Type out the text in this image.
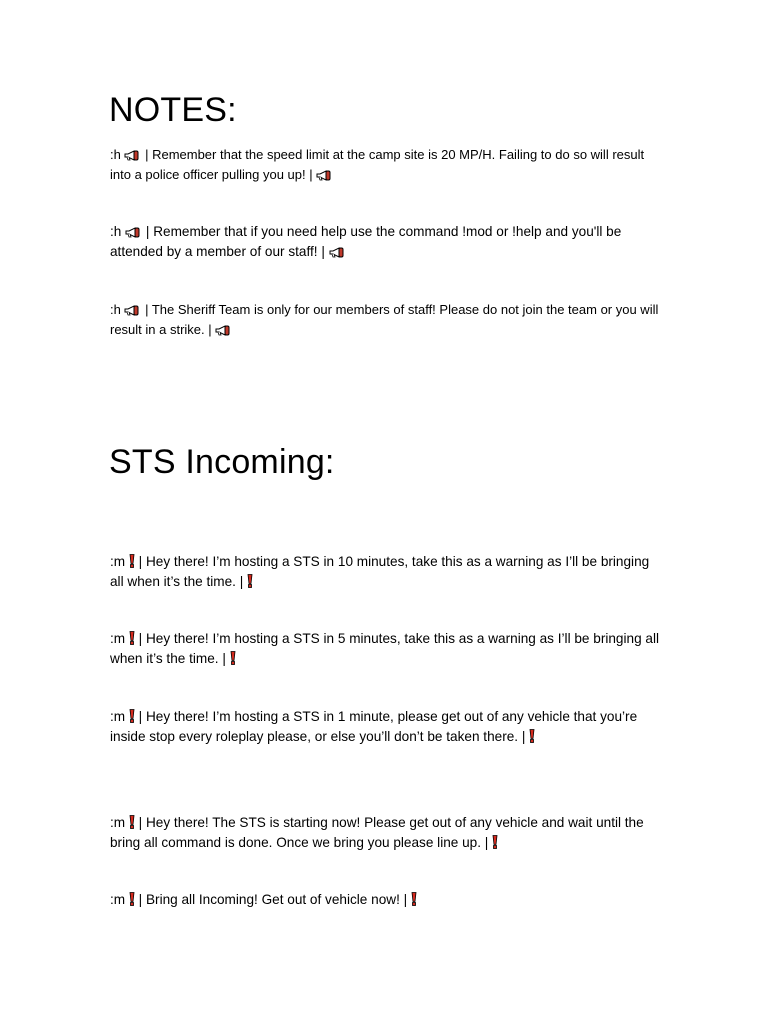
NOTES:

:h
| Remember that the speed limit at the camp site is 20 MP/H. Failing to do so will result into a police officer pulling you up! |

:h
| Remember that if you need help use the command !mod or !help and you'll be attended by a member of our staff! |

:h
| The Sheriff Team is only for our members of staff! Please do not join the team or you will result in a strike. |

STS Incoming:

:m
| Hey there! I’m hosting a STS in 10 minutes, take this as a warning as I’ll be bringing all when it’s the time. |

:m
| Hey there! I’m hosting a STS in 5 minutes, take this as a warning as I’ll be bringing all when it’s the time. |

:m
| Hey there! I’m hosting a STS in 1 minute, please get out of any vehicle that you’re inside stop every roleplay please, or else you’ll don’t be taken there. |

:m
| Hey there! The STS is starting now! Please get out of any vehicle and wait until the bring all command is done. Once we bring you please line up. |

:m
| Bring all Incoming! Get out of vehicle now! |
